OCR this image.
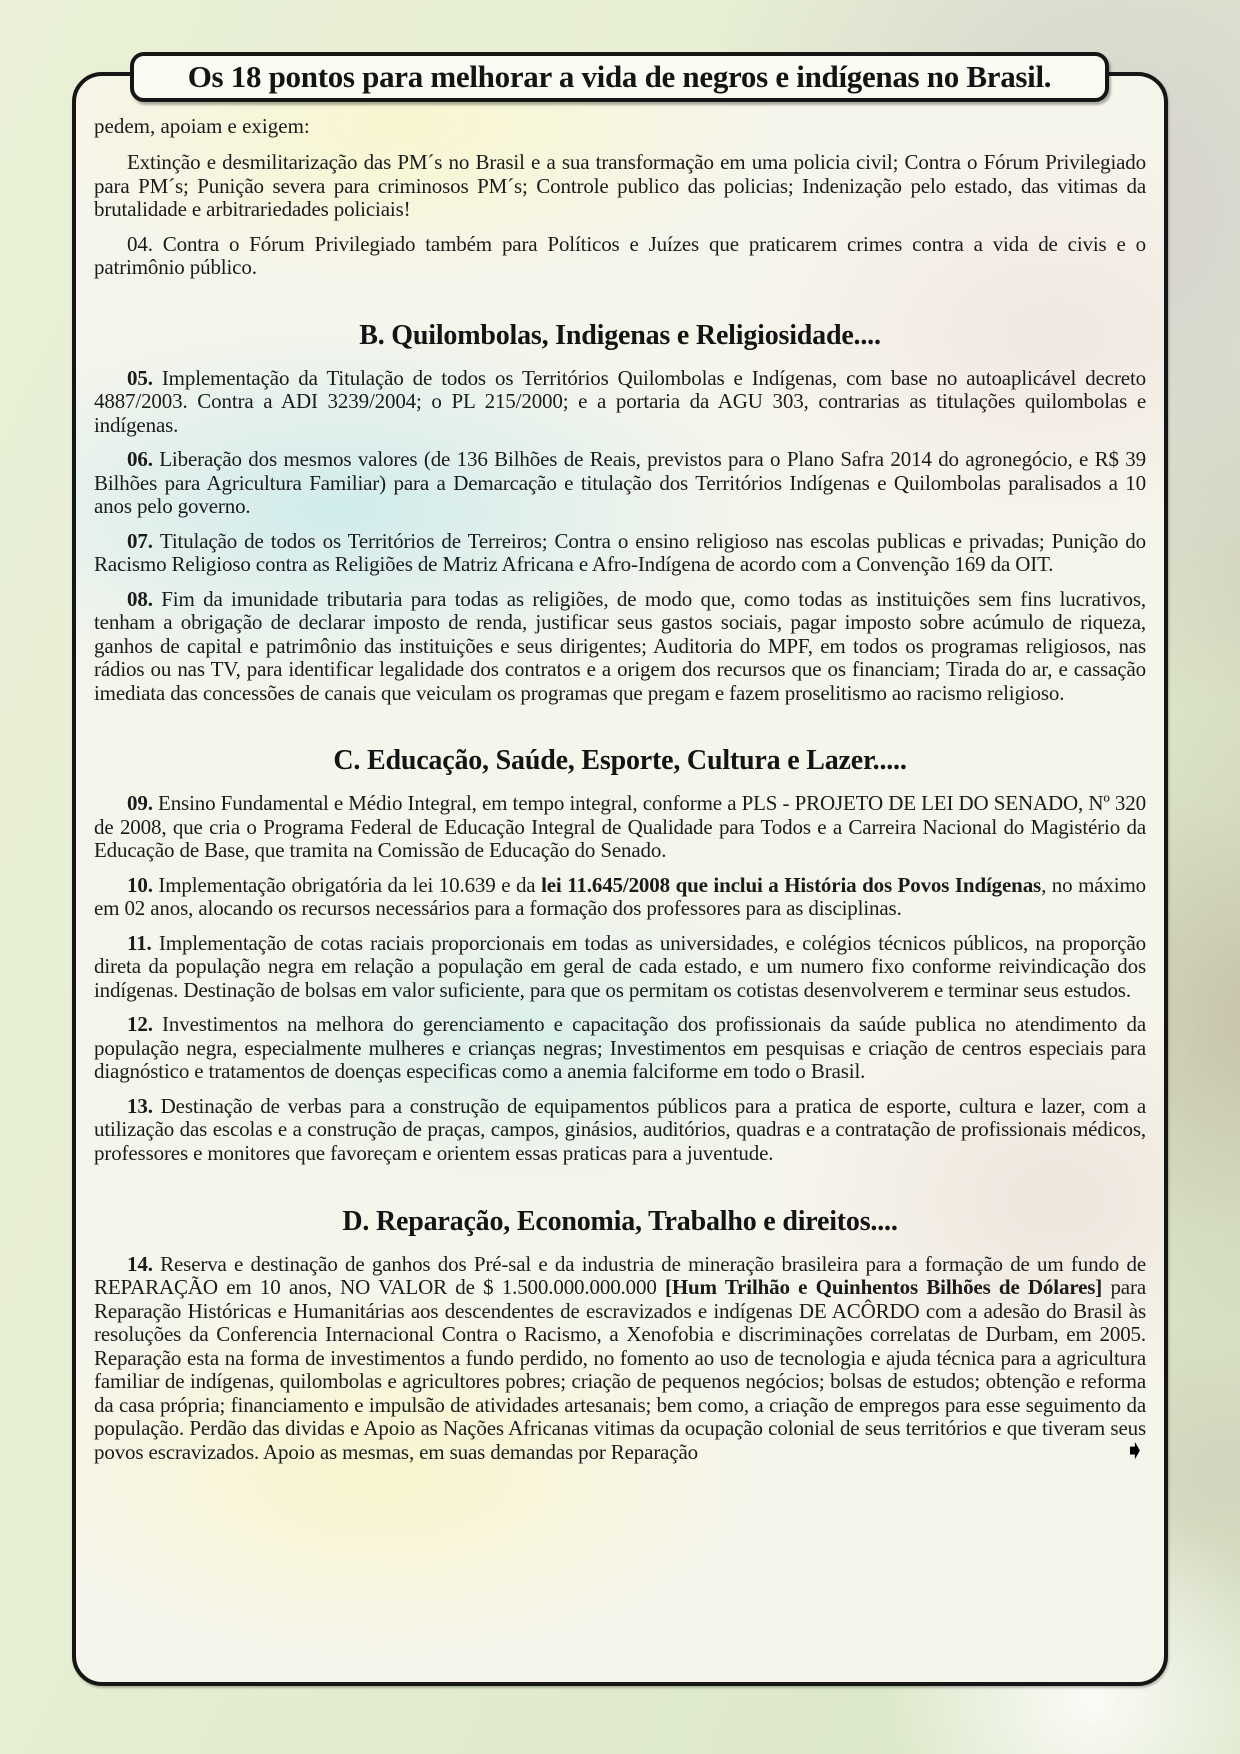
Os 18 pontos para melhorar a vida de negros e indígenas no Brasil.

pedem, apoiam e exigem:

Extinção e desmilitarização das PM´s no Brasil e a sua transformação em uma policia civil; Contra o Fórum Privilegiado para PM´s; Punição severa para criminosos PM´s; Controle publico das policias; Indenização pelo estado, das vitimas da brutalidade e arbitrariedades policiais!

04. Contra o Fórum Privilegiado também para Políticos e Juízes que praticarem crimes contra a vida de civis e o patrimônio público.

B. Quilombolas, Indigenas e Religiosidade....

05. Implementação da Titulação de todos os Territórios Quilombolas e Indígenas, com base no autoaplicável decreto 4887/2003. Contra a ADI 3239/2004; o PL 215/2000; e a portaria da AGU 303, contrarias as titulações quilombolas e indígenas.

06. Liberação dos mesmos valores (de 136 Bilhões de Reais, previstos para o Plano Safra 2014 do agronegócio, e R$ 39 Bilhões para Agricultura Familiar) para a Demarcação e titulação dos Territórios Indígenas e Quilombolas paralisados a 10 anos pelo governo.

07. Titulação de todos os Territórios de Terreiros; Contra o ensino religioso nas escolas publicas e privadas; Punição do Racismo Religioso contra as Religiões de Matriz Africana e Afro-Indígena de acordo com a Convenção 169 da OIT.

08. Fim da imunidade tributaria para todas as religiões, de modo que, como todas as instituições sem fins lucrativos, tenham a obrigação de declarar imposto de renda, justificar seus gastos sociais, pagar imposto sobre acúmulo de riqueza, ganhos de capital e patrimônio das instituições e seus dirigentes; Auditoria do MPF, em todos os programas religiosos, nas rádios ou nas TV, para identificar legalidade dos contratos e a origem dos recursos que os financiam; Tirada do ar, e cassação imediata das concessões de canais que veiculam os programas que pregam e fazem proselitismo ao racismo religioso.

C. Educação, Saúde, Esporte, Cultura e Lazer.....

09. Ensino Fundamental e Médio Integral, em tempo integral, conforme a PLS - PROJETO DE LEI DO SENADO, Nº 320 de 2008, que cria o Programa Federal de Educação Integral de Qualidade para Todos e a Carreira Nacional do Magistério da Educação de Base, que tramita na Comissão de Educação do Senado.

10. Implementação obrigatória da lei 10.639 e da lei 11.645/2008 que inclui a História dos Povos Indígenas, no máximo em 02 anos, alocando os recursos necessários para a formação dos professores para as disciplinas.

11. Implementação de cotas raciais proporcionais em todas as universidades, e colégios técnicos públicos, na proporção direta da população negra em relação a população em geral de cada estado, e um numero fixo conforme reivindicação dos indígenas. Destinação de bolsas em valor suficiente, para que os permitam os cotistas desenvolverem e terminar seus estudos.

12. Investimentos na melhora do gerenciamento e capacitação dos profissionais da saúde publica no atendimento da população negra, especialmente mulheres e crianças negras; Investimentos em pesquisas e criação de centros especiais para diagnóstico e tratamentos de doenças especificas como a anemia falciforme em todo o Brasil.

13. Destinação de verbas para a construção de equipamentos públicos para a pratica de esporte, cultura e lazer, com a utilização das escolas e a construção de praças, campos, ginásios, auditórios, quadras e a contratação de profissionais médicos, professores e monitores que favoreçam e orientem essas praticas para a juventude.

D. Reparação, Economia, Trabalho e direitos....

14. Reserva e destinação de ganhos dos Pré-sal e da industria de mineração brasileira para a formação de um fundo de REPARAÇÃO em 10 anos, NO VALOR de $ 1.500.000.000.000 [Hum Trilhão e Quinhentos Bilhões de Dólares] para Reparação Históricas e Humanitárias aos descendentes de escravizados e indígenas DE ACÔRDO com a adesão do Brasil às resoluções da Conferencia Internacional Contra o Racismo, a Xenofobia e discriminações correlatas de Durbam, em 2005. Reparação esta na forma de investimentos a fundo perdido, no fomento ao uso de tecnologia e ajuda técnica para a agricultura familiar de indígenas, quilombolas e agricultores pobres; criação de pequenos negócios; bolsas de estudos; obtenção e reforma da casa própria; financiamento e impulsão de atividades artesanais; bem como, a criação de empregos para esse seguimento da população. Perdão das dividas e Apoio as Nações Africanas vitimas da ocupação colonial de seus territórios e que tiveram seus povos escravizados. Apoio as mesmas, em suas demandas por Reparação	➧
